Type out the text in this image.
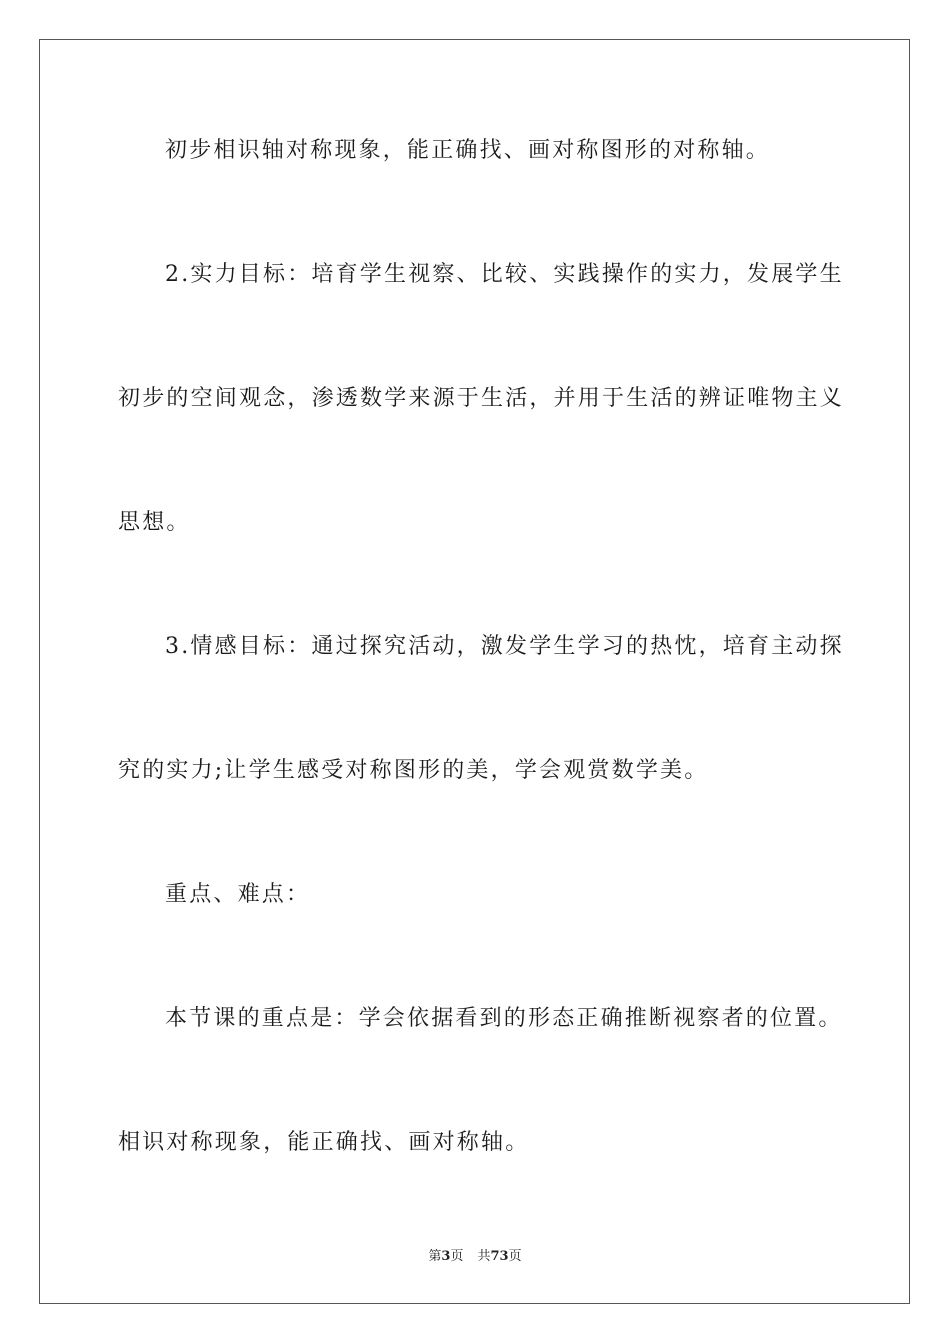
初步相识轴对称现象，能正确找、画对称图形的对称轴。
2.实力目标：培育学生视察、比较、实践操作的实力，发展学生
初步的空间观念，渗透数学来源于生活，并用于生活的辨证唯物主义
思想。
3.情感目标：通过探究活动，激发学生学习的热忱，培育主动探
究的实力;让学生感受对称图形的美，学会观赏数学美。
重点、难点：
本节课的重点是：学会依据看到的形态正确推断视察者的位置。
相识对称现象，能正确找、画对称轴。
第3页 共73页
